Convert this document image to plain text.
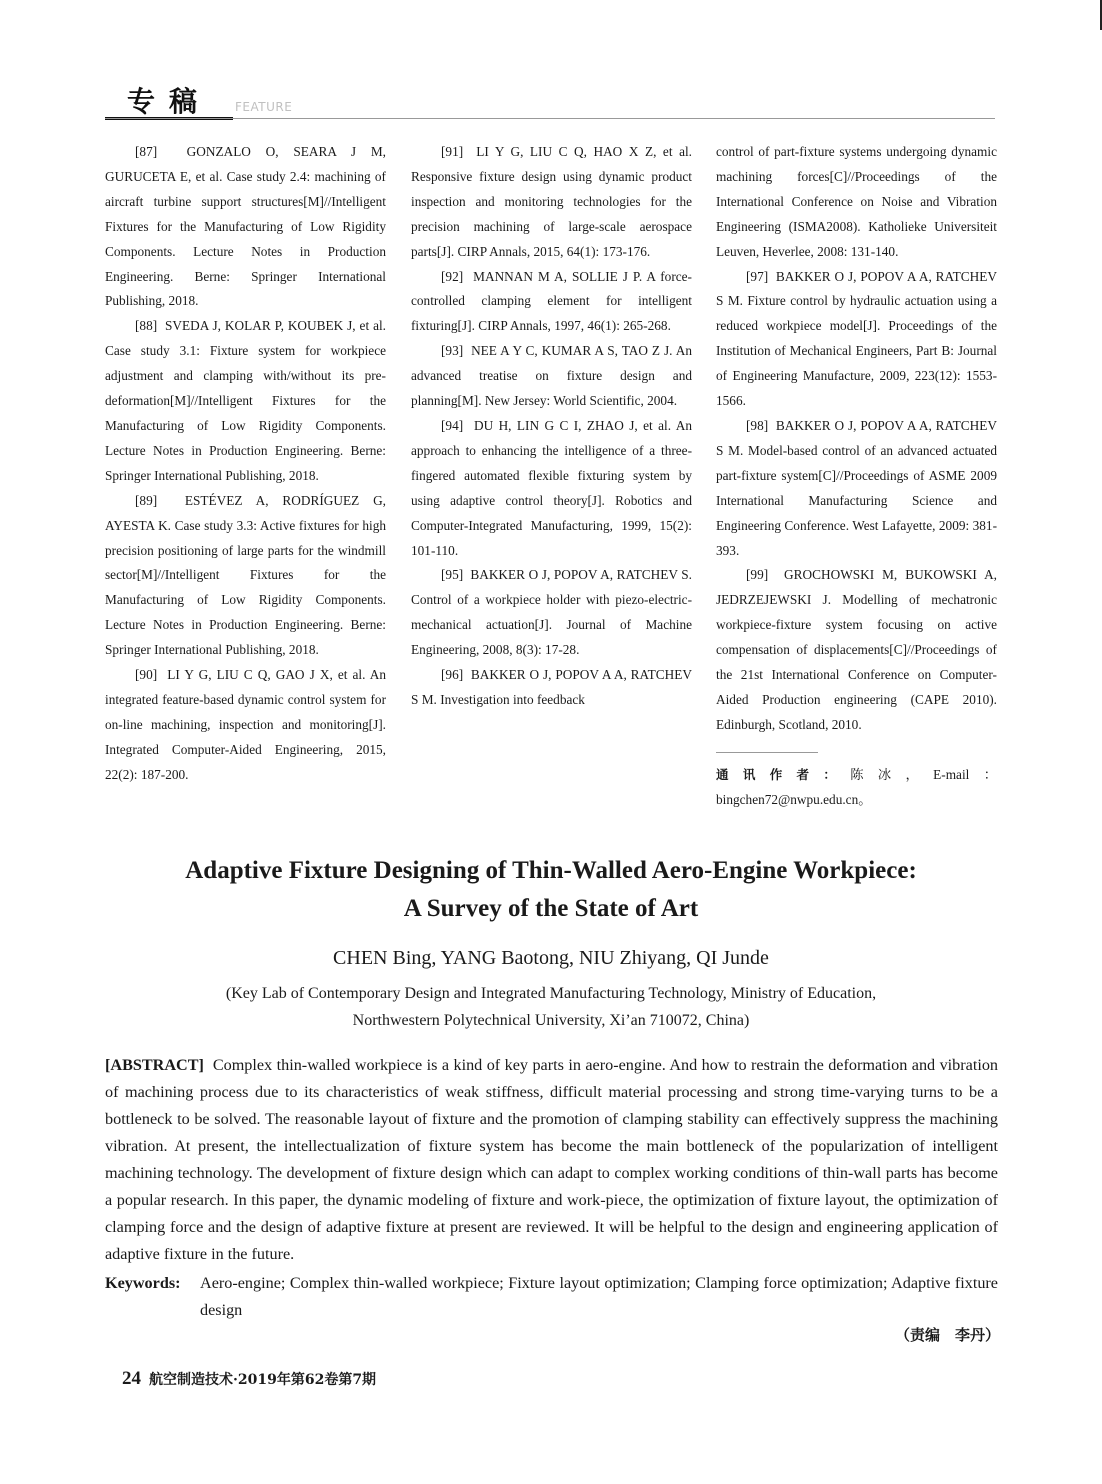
专稿 FEATURE

[87] GONZALO O, SEARA J M, GURUCETA E, et al. Case study 2.4: machining of aircraft turbine support structures[M]//Intelligent Fixtures for the Manufacturing of Low Rigidity Components. Lecture Notes in Production Engineering. Berne: Springer International Publishing, 2018.

[88] SVEDA J, KOLAR P, KOUBEK J, et al. Case study 3.1: Fixture system for workpiece adjustment and clamping with/without its pre-deformation[M]//Intelligent Fixtures for the Manufacturing of Low Rigidity Components. Lecture Notes in Production Engineering. Berne: Springer International Publishing, 2018.

[89] ESTÉVEZ A, RODRÍGUEZ G, AYESTA K. Case study 3.3: Active fixtures for high precision positioning of large parts for the windmill sector[M]//Intelligent Fixtures for the Manufacturing of Low Rigidity Components. Lecture Notes in Production Engineering. Berne: Springer International Publishing, 2018.

[90] LI Y G, LIU C Q, GAO J X, et al. An integrated feature-based dynamic control system for on-line machining, inspection and monitoring[J]. Integrated Computer-Aided Engineering, 2015, 22(2): 187-200.

[91] LI Y G, LIU C Q, HAO X Z, et al. Responsive fixture design using dynamic product inspection and monitoring technologies for the precision machining of large-scale aerospace parts[J]. CIRP Annals, 2015, 64(1): 173-176.

[92] MANNAN M A, SOLLIE J P. A force-controlled clamping element for intelligent fixturing[J]. CIRP Annals, 1997, 46(1): 265-268.

[93] NEE A Y C, KUMAR A S, TAO Z J. An advanced treatise on fixture design and planning[M]. New Jersey: World Scientific, 2004.

[94] DU H, LIN G C I, ZHAO J, et al. An approach to enhancing the intelligence of a three-fingered automated flexible fixturing system by using adaptive control theory[J]. Robotics and Computer-Integrated Manufacturing, 1999, 15(2): 101-110.

[95] BAKKER O J, POPOV A, RATCHEV S. Control of a workpiece holder with piezo-electric-mechanical actuation[J]. Journal of Machine Engineering, 2008, 8(3): 17-28.

[96] BAKKER O J, POPOV A A, RATCHEV S M. Investigation into feedback

control of part-fixture systems undergoing dynamic machining forces[C]//Proceedings of the International Conference on Noise and Vibration Engineering (ISMA2008). Katholieke Universiteit Leuven, Heverlee, 2008: 131-140.

[97] BAKKER O J, POPOV A A, RATCHEV S M. Fixture control by hydraulic actuation using a reduced workpiece model[J]. Proceedings of the Institution of Mechanical Engineers, Part B: Journal of Engineering Manufacture, 2009, 223(12): 1553-1566.

[98] BAKKER O J, POPOV A A, RATCHEV S M. Model-based control of an advanced actuated part-fixture system[C]//Proceedings of ASME 2009 International Manufacturing Science and Engineering Conference. West Lafayette, 2009: 381-393.

[99] GROCHOWSKI M, BUKOWSKI A, JEDRZEJEWSKI J. Modelling of mechatronic workpiece-fixture system focusing on active compensation of displacements[C]//Proceedings of the 21st International Conference on Computer-Aided Production engineering (CAPE 2010). Edinburgh, Scotland, 2010.

通讯作者：陈冰，E-mail：bingchen72@nwpu.edu.cn。
Adaptive Fixture Designing of Thin-Walled Aero-Engine Workpiece:
A Survey of the State of Art
CHEN Bing, YANG Baotong, NIU Zhiyang, QI Junde
(Key Lab of Contemporary Design and Integrated Manufacturing Technology, Ministry of Education,
Northwestern Polytechnical University, Xi’an 710072, China)
[ABSTRACT] Complex thin-walled workpiece is a kind of key parts in aero-engine. And how to restrain the deformation and vibration of machining process due to its characteristics of weak stiffness, difficult material processing and strong time-varying turns to be a bottleneck to be solved. The reasonable layout of fixture and the promotion of clamping stability can effectively suppress the machining vibration. At present, the intellectualization of fixture system has become the main bottleneck of the popularization of intelligent machining technology. The development of fixture design which can adapt to complex working conditions of thin-wall parts has become a popular research. In this paper, the dynamic modeling of fixture and work-piece, the optimization of fixture layout, the optimization of clamping force and the design of adaptive fixture at present are reviewed. It will be helpful to the design and engineering application of adaptive fixture in the future.
Keywords: Aero-engine; Complex thin-walled workpiece; Fixture layout optimization; Clamping force optimization; Adaptive fixture design
（责编　李丹）
24 航空制造技术·2019年第62卷第7期
